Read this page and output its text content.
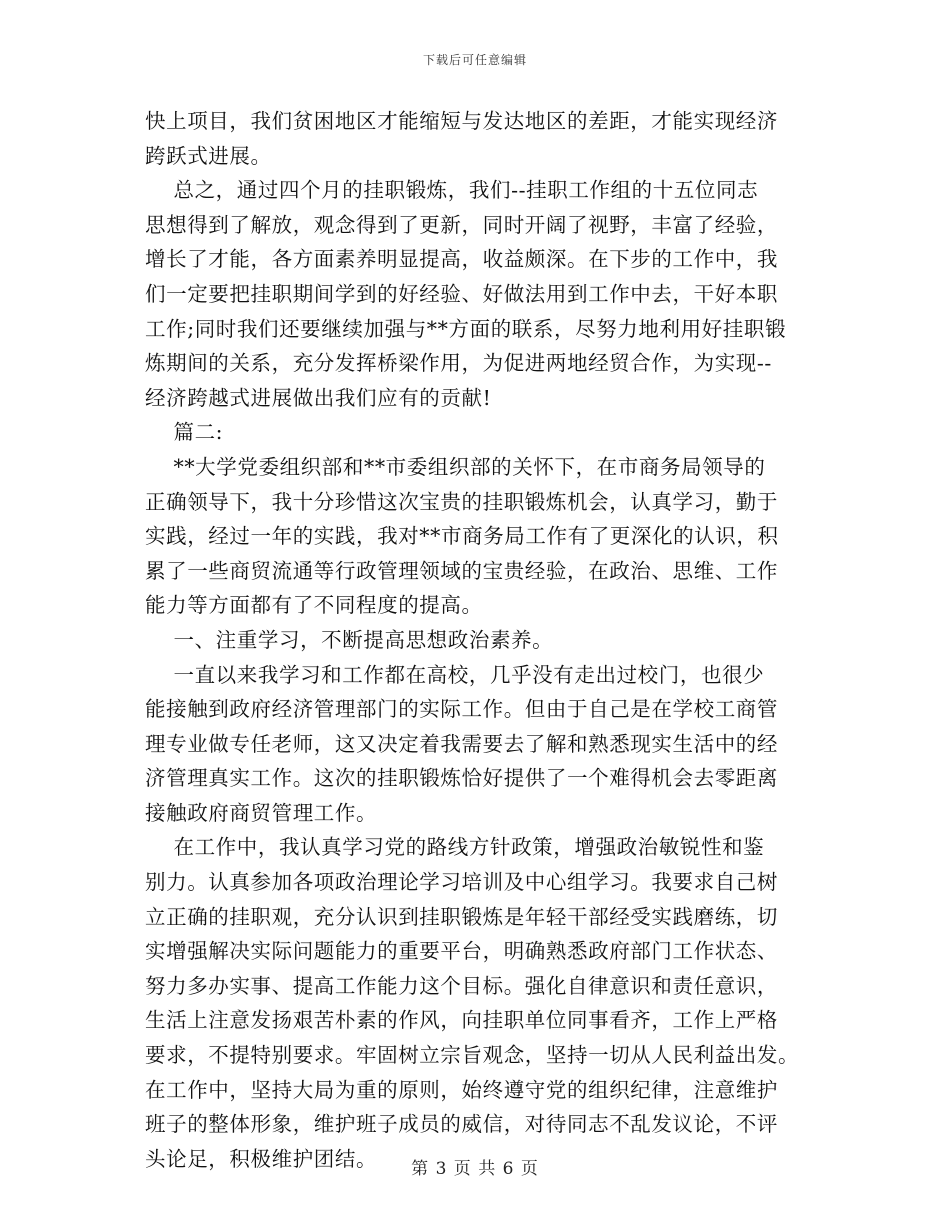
下载后可任意编辑
快上项目，我们贫困地区才能缩短与发达地区的差距，才能实现经济
跨跃式进展。
总之，通过四个月的挂职锻炼，我们--挂职工作组的十五位同志
思想得到了解放，观念得到了更新，同时开阔了视野，丰富了经验，
增长了才能，各方面素养明显提高，收益颇深。在下步的工作中，我
们一定要把挂职期间学到的好经验、好做法用到工作中去，干好本职
工作;同时我们还要继续加强与**方面的联系，尽努力地利用好挂职锻
炼期间的关系，充分发挥桥梁作用，为促进两地经贸合作，为实现--
经济跨越式进展做出我们应有的贡献!
篇二:
**大学党委组织部和**市委组织部的关怀下，在市商务局领导的
正确领导下，我十分珍惜这次宝贵的挂职锻炼机会，认真学习，勤于
实践，经过一年的实践，我对**市商务局工作有了更深化的认识，积
累了一些商贸流通等行政管理领域的宝贵经验，在政治、思维、工作
能力等方面都有了不同程度的提高。
一、注重学习，不断提高思想政治素养。
一直以来我学习和工作都在高校，几乎没有走出过校门，也很少
能接触到政府经济管理部门的实际工作。但由于自己是在学校工商管
理专业做专任老师，这又决定着我需要去了解和熟悉现实生活中的经
济管理真实工作。这次的挂职锻炼恰好提供了一个难得机会去零距离
接触政府商贸管理工作。
在工作中，我认真学习党的路线方针政策，增强政治敏锐性和鉴
别力。认真参加各项政治理论学习培训及中心组学习。我要求自己树
立正确的挂职观，充分认识到挂职锻炼是年轻干部经受实践磨练，切
实增强解决实际问题能力的重要平台，明确熟悉政府部门工作状态、
努力多办实事、提高工作能力这个目标。强化自律意识和责任意识，
生活上注意发扬艰苦朴素的作风，向挂职单位同事看齐，工作上严格
要求，不提特别要求。牢固树立宗旨观念，坚持一切从人民利益出发。
在工作中，坚持大局为重的原则，始终遵守党的组织纪律，注意维护
班子的整体形象，维护班子成员的威信，对待同志不乱发议论，不评
头论足，积极维护团结。	第 3 页 共 6 页
